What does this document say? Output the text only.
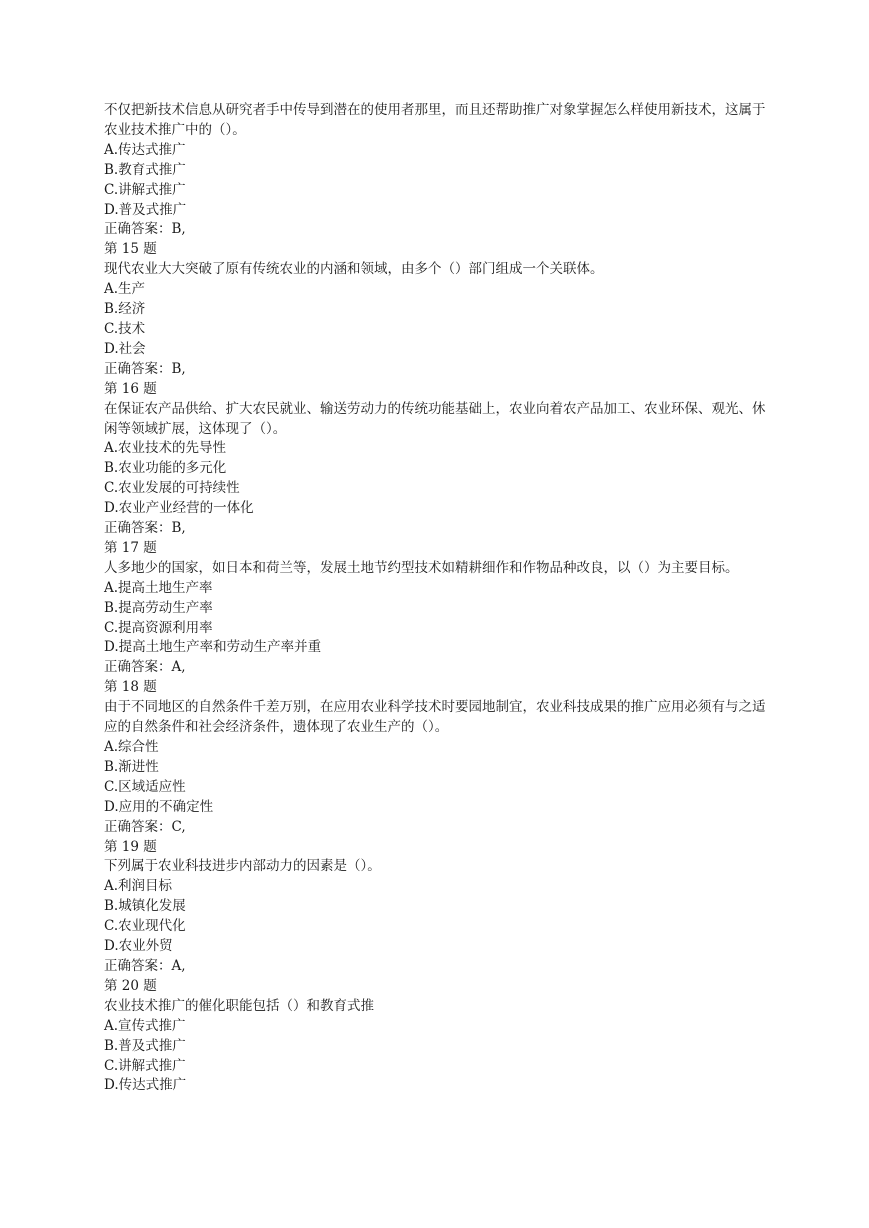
不仅把新技术信息从研究者手中传导到潜在的使用者那里，而且还帮助推广对象掌握怎么样使用新技术，这属于农业技术推广中的（）。
A.传达式推广
B.教育式推广
C.讲解式推广
D.普及式推广
正确答案：B,
第 15 题
现代农业大大突破了原有传统农业的内涵和领域，由多个（）部门组成一个关联体。
A.生产
B.经济
C.技术
D.社会
正确答案：B,
第 16 题
在保证农产品供给、扩大农民就业、输送劳动力的传统功能基础上，农业向着农产品加工、农业环保、观光、休闲等领域扩展，这体现了（）。
A.农业技术的先导性
B.农业功能的多元化
C.农业发展的可持续性
D.农业产业经营的一体化
正确答案：B,
第 17 题
人多地少的国家，如日本和荷兰等，发展土地节约型技术如精耕细作和作物品种改良，以（）为主要目标。
A.提高土地生产率
B.提高劳动生产率
C.提高资源利用率
D.提高土地生产率和劳动生产率并重
正确答案：A,
第 18 题
由于不同地区的自然条件千差万别，在应用农业科学技术时要园地制宜，农业科技成果的推广应用必须有与之适应的自然条件和社会经济条件，遗体现了农业生产的（）。
A.综合性
B.渐进性
C.区域适应性
D.应用的不确定性
正确答案：C,
第 19 题
下列属于农业科技进步内部动力的因素是（）。
A.利润目标
B.城镇化发展
C.农业现代化
D.农业外贸
正确答案：A,
第 20 题
农业技术推广的催化职能包括（）和教育式推
A.宣传式推广
B.普及式推广
C.讲解式推广
D.传达式推广
